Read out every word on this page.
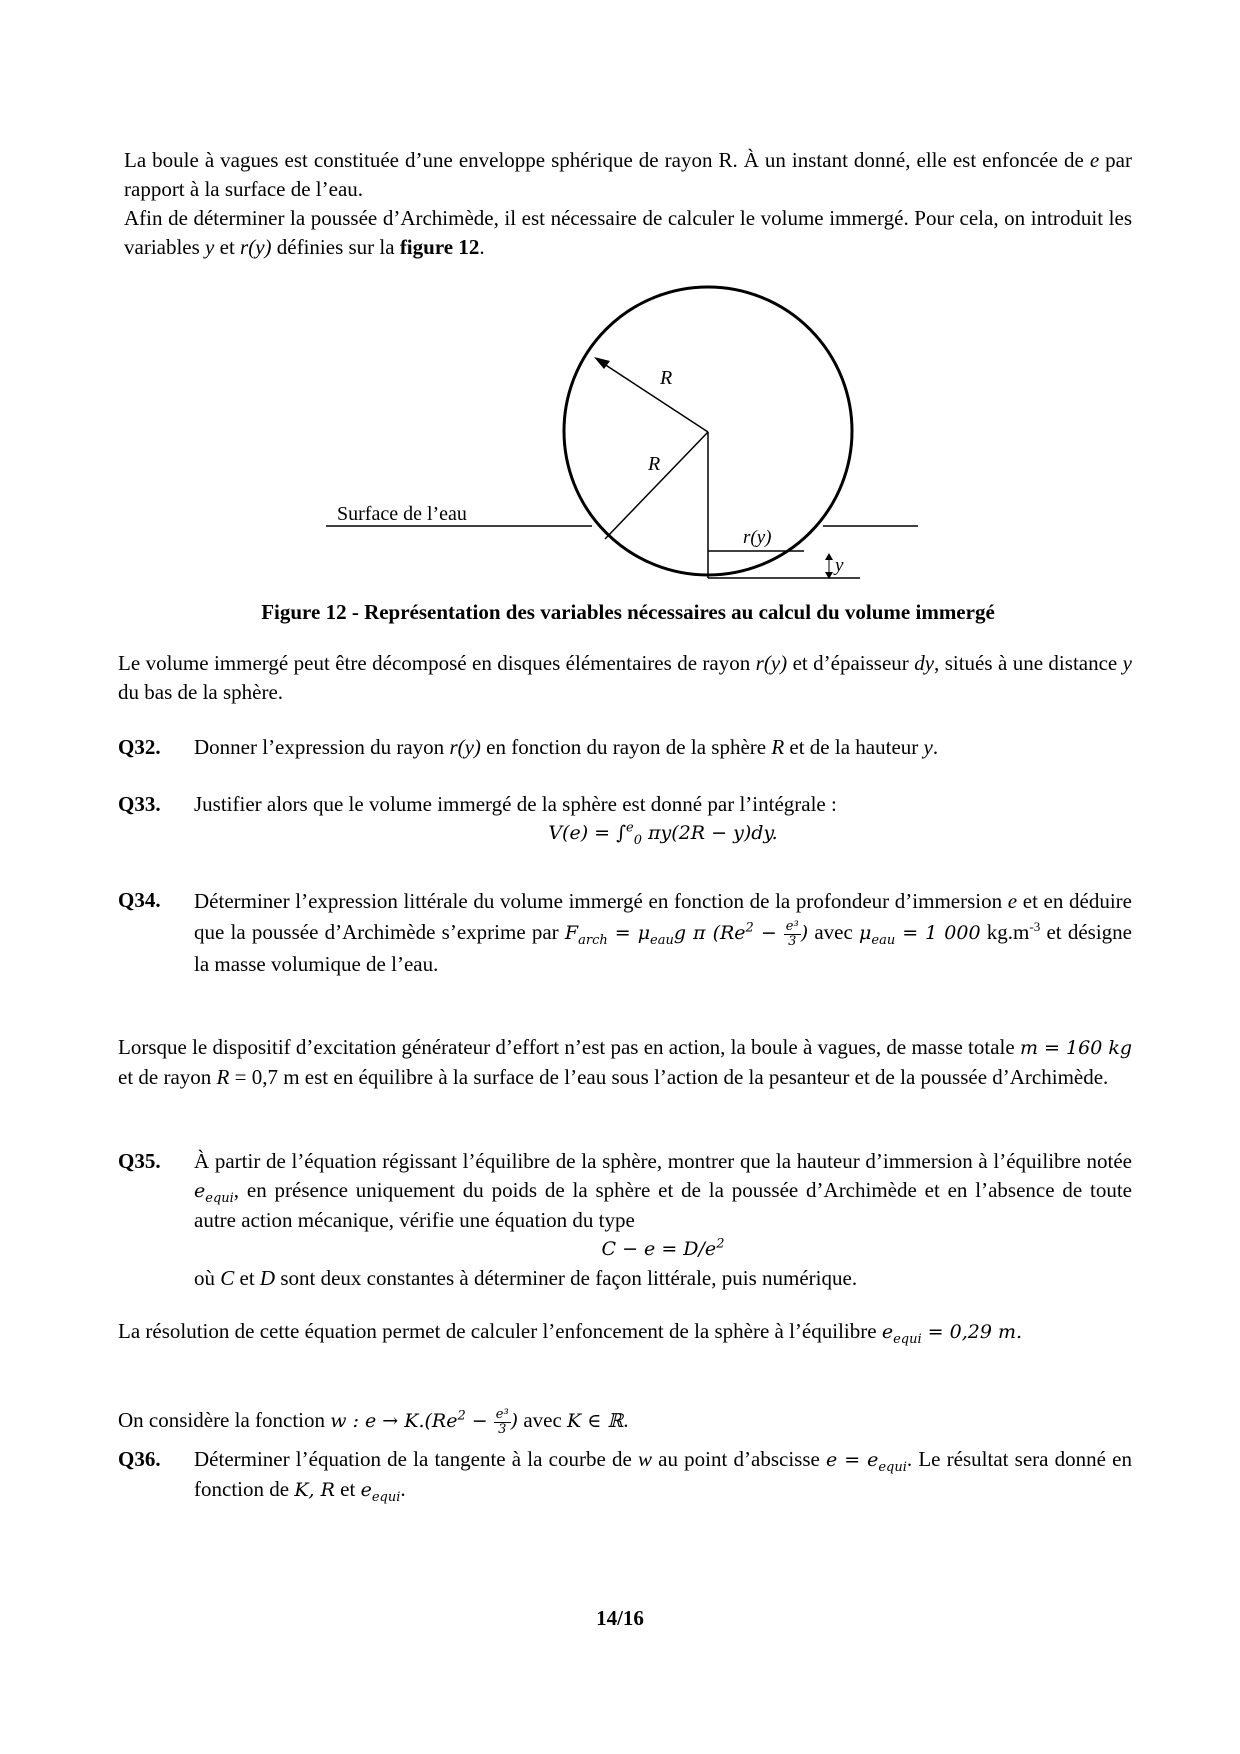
La boule à vagues est constituée d’une enveloppe sphérique de rayon R. À un instant donné, elle est enfoncée de e par rapport à la surface de l’eau.
Afin de déterminer la poussée d’Archimède, il est nécessaire de calculer le volume immergé. Pour cela, on introduit les variables y et r(y) définies sur la figure 12.
R
R
Surface de l’eau
r(y)
y
Figure 12 - Représentation des variables nécessaires au calcul du volume immergé
Le volume immergé peut être décomposé en disques élémentaires de rayon r(y) et d’épaisseur dy, situés à une distance y du bas de la sphère.
Q32. Donner l’expression du rayon r(y) en fonction du rayon de la sphère R et de la hauteur y.
Q33. Justifier alors que le volume immergé de la sphère est donné par l’intégrale :
V(e) = ∫$^e_0$ πy(2R − y)dy.
Q34. Déterminer l’expression littérale du volume immergé en fonction de la profondeur d’immersion e et en déduire que la poussée d’Archimède s’exprime par $F_{arch} = \mu_{eau}g$ π ($Re^2 - \frac{\text{e³}}{3}$ ) avec $\mu_{eau} = 1$ 000 $kg.m^{-3}$ et désigne la masse volumique de l’eau.
Lorsque le dispositif d’excitation générateur d’effort n’est pas en action, la boule à vagues, de masse totale m = 160 kg et de rayon R = 0,7 m est en équilibre à la surface de l’eau sous l’action de la pesanteur et de la poussée d’Archimède.
Q35. À partir de l’équation régissant l’équilibre de la sphère, montrer que la hauteur d’immersion à l’équilibre notée $e_{equi}$, en présence uniquement du poids de la sphère et de la poussée d’Archimède et en l’absence de toute autre action mécanique, vérifie une équation du type
$C - e = D/e^2$
où C et D sont deux constantes à déterminer de façon littérale, puis numérique.
La résolution de cette équation permet de calculer l’enfoncement de la sphère à l’équilibre $e_{equi} = 0,29$ m.
On considère la fonction w : $e \to K.(Re^2 - \frac{\text{e³}}{3}$ ) avec K ∈ ℝ.
Q36. Déterminer l’équation de la tangente à la courbe de w au point d’abscisse $e = e_{equi}$. Le résultat sera donné en fonction de K, R et $e_{equi}$.
14/16
